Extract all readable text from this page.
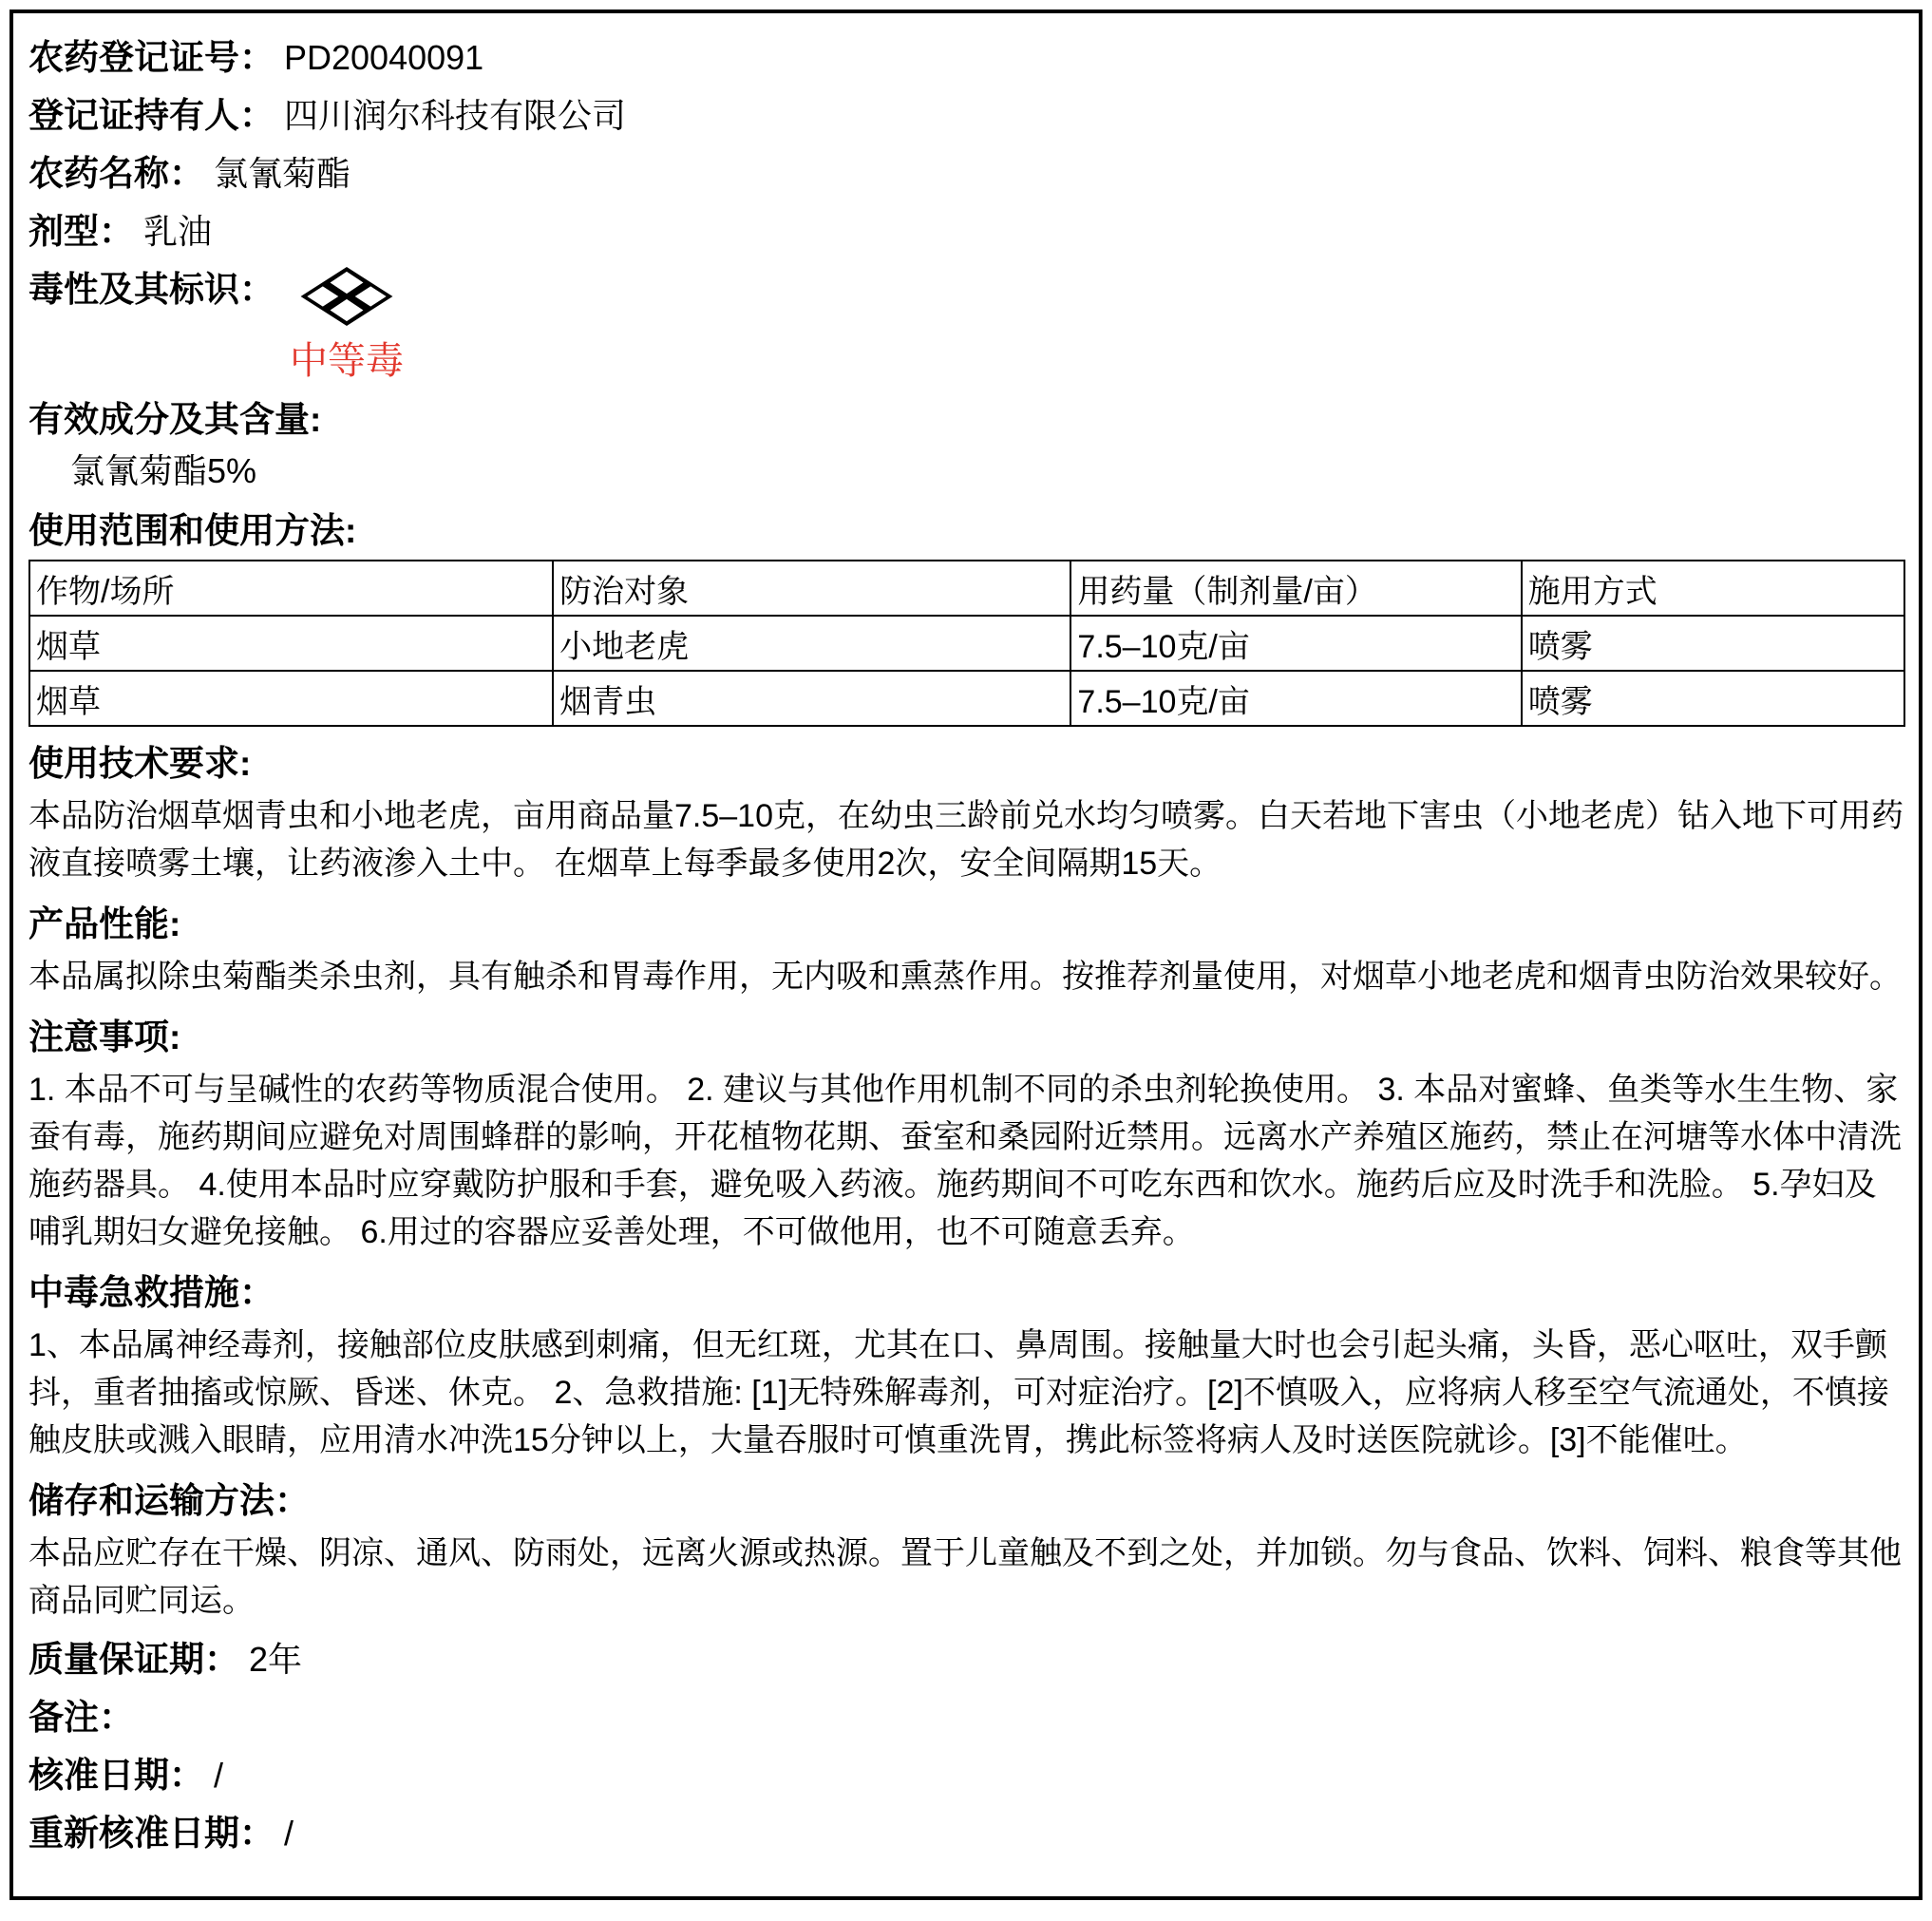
农药登记证号： PD20040091
登记证持有人： 四川润尔科技有限公司
农药名称： 氯氰菊酯
剂型： 乳油
毒性及其标识：
中等毒
有效成分及其含量:
氯氰菊酯5%
使用范围和使用方法:
作物/场所	防治对象	用药量（制剂量/亩）	施用方式
烟草	小地老虎	7.5–10克/亩	喷雾
烟草	烟青虫	7.5–10克/亩	喷雾
使用技术要求:

本品防治烟草烟青虫和小地老虎，亩用商品量7.5–10克，在幼虫三龄前兑水均匀喷雾。白天若地下害虫（小地老虎）钻入地下可用药液直接喷雾土壤，让药液渗入土中。 在烟草上每季最多使用2次，安全间隔期15天。

产品性能:

本品属拟除虫菊酯类杀虫剂，具有触杀和胃毒作用，无内吸和熏蒸作用。按推荐剂量使用，对烟草小地老虎和烟青虫防治效果较好。

注意事项:

1. 本品不可与呈碱性的农药等物质混合使用。 2. 建议与其他作用机制不同的杀虫剂轮换使用。 3. 本品对蜜蜂、鱼类等水生生物、家蚕有毒，施药期间应避免对周围蜂群的影响，开花植物花期、蚕室和桑园附近禁用。远离水产养殖区施药，禁止在河塘等水体中清洗施药器具。 4.使用本品时应穿戴防护服和手套，避免吸入药液。施药期间不可吃东西和饮水。施药后应及时洗手和洗脸。 5.孕妇及哺乳期妇女避免接触。 6.用过的容器应妥善处理，不可做他用，也不可随意丢弃。

中毒急救措施：

1、本品属神经毒剂，接触部位皮肤感到刺痛，但无红斑，尤其在口、鼻周围。接触量大时也会引起头痛，头昏，恶心呕吐，双手颤抖，重者抽搐或惊厥、昏迷、休克。 2、急救措施: [1]无特殊解毒剂，可对症治疗。[2]不慎吸入，应将病人移至空气流通处，不慎接触皮肤或溅入眼睛，应用清水冲洗15分钟以上，大量吞服时可慎重洗胃，携此标签将病人及时送医院就诊。[3]不能催吐。

储存和运输方法：

本品应贮存在干燥、阴凉、通风、防雨处，远离火源或热源。置于儿童触及不到之处，并加锁。勿与食品、饮料、饲料、粮食等其他商品同贮同运。

质量保证期： 2年
备注：
核准日期： /
重新核准日期： /
